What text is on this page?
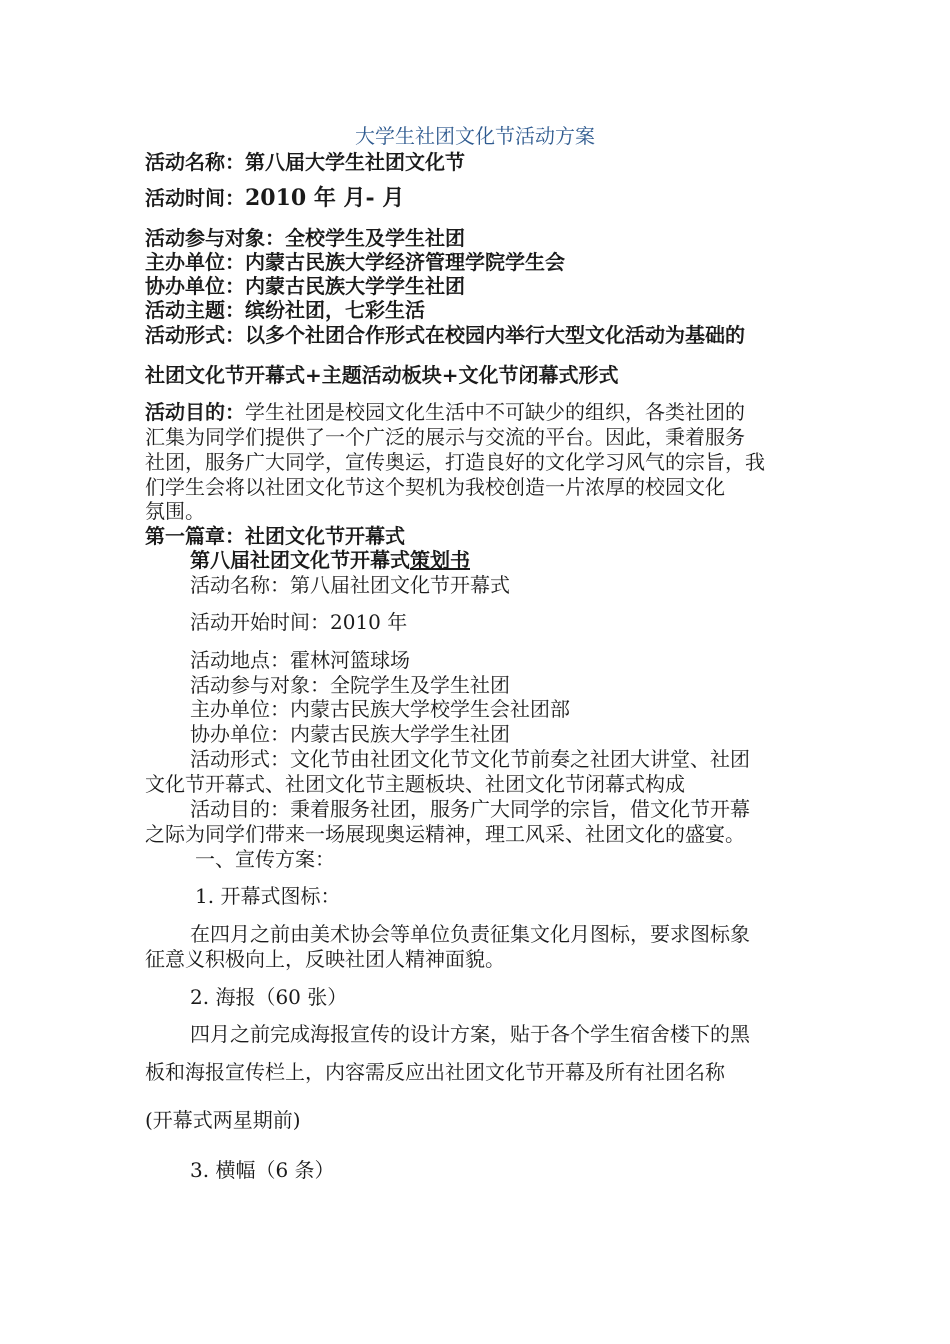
大学生社团文化节活动方案
活动名称：第八届大学生社团文化节
活动时间：2010 年 月- 月
活动参与对象：全校学生及学生社团
主办单位：内蒙古民族大学经济管理学院学生会
协办单位：内蒙古民族大学学生社团
活动主题：缤纷社团，七彩生活
活动形式：以多个社团合作形式在校园内举行大型文化活动为基础的
社团文化节开幕式+主题活动板块+文化节闭幕式形式
活动目的：学生社团是校园文化生活中不可缺少的组织，各类社团的
汇集为同学们提供了一个广泛的展示与交流的平台。因此，秉着服务
社团，服务广大同学，宣传奥运，打造良好的文化学习风气的宗旨，我
们学生会将以社团文化节这个契机为我校创造一片浓厚的校园文化
氛围。
第一篇章：社团文化节开幕式
第八届社团文化节开幕式策划书
活动名称：第八届社团文化节开幕式
活动开始时间：2010 年
活动地点：霍林河篮球场
活动参与对象：全院学生及学生社团
主办单位：内蒙古民族大学校学生会社团部
协办单位：内蒙古民族大学学生社团
活动形式：文化节由社团文化节文化节前奏之社团大讲堂、社团
文化节开幕式、社团文化节主题板块、社团文化节闭幕式构成
活动目的：秉着服务社团，服务广大同学的宗旨，借文化节开幕
之际为同学们带来一场展现奥运精神，理工风采、社团文化的盛宴。
一、宣传方案：
1. 开幕式图标：
在四月之前由美术协会等单位负责征集文化月图标，要求图标象
征意义积极向上，反映社团人精神面貌。
2. 海报（60 张）
四月之前完成海报宣传的设计方案，贴于各个学生宿舍楼下的黑
板和海报宣传栏上，内容需反应出社团文化节开幕及所有社团名称
(开幕式两星期前)
3. 横幅（6 条）
